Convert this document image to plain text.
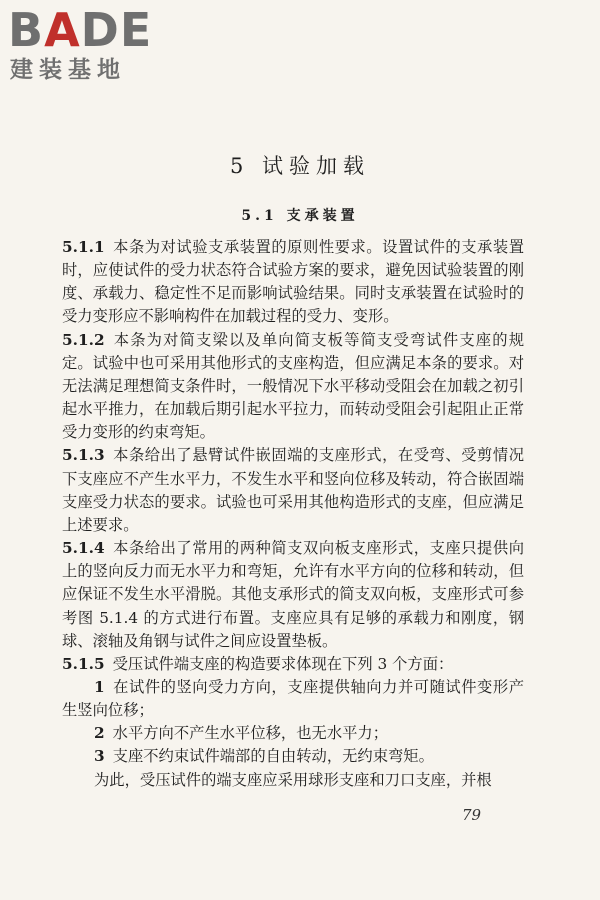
BADE
建装基地
5 试验加载
5.1 支承装置

5.1.1 本条为对试验支承装置的原则性要求。设置试件的支承装置时，应使试件的受力状态符合试验方案的要求，避免因试验装置的刚度、承载力、稳定性不足而影响试验结果。同时支承装置在试验时的受力变形应不影响构件在加载过程的受力、变形。

5.1.2 本条为对简支梁以及单向简支板等简支受弯试件支座的规定。试验中也可采用其他形式的支座构造，但应满足本条的要求。对无法满足理想简支条件时，一般情况下水平移动受阻会在加载之初引起水平推力，在加载后期引起水平拉力，而转动受阻会引起阻止正常受力变形的约束弯矩。

5.1.3 本条给出了悬臂试件嵌固端的支座形式，在受弯、受剪情况下支座应不产生水平力，不发生水平和竖向位移及转动，符合嵌固端支座受力状态的要求。试验也可采用其他构造形式的支座，但应满足上述要求。

5.1.4 本条给出了常用的两种简支双向板支座形式，支座只提供向上的竖向反力而无水平力和弯矩，允许有水平方向的位移和转动，但应保证不发生水平滑脱。其他支承形式的简支双向板，支座形式可参考图 5.1.4 的方式进行布置。支座应具有足够的承载力和刚度，钢球、滚轴及角钢与试件之间应设置垫板。

5.1.5 受压试件端支座的构造要求体现在下列 3 个方面：

1 在试件的竖向受力方向，支座提供轴向力并可随试件变形产生竖向位移；

2 水平方向不产生水平位移，也无水平力；

3 支座不约束试件端部的自由转动，无约束弯矩。

为此，受压试件的端支座应采用球形支座和刀口支座，并根

79
